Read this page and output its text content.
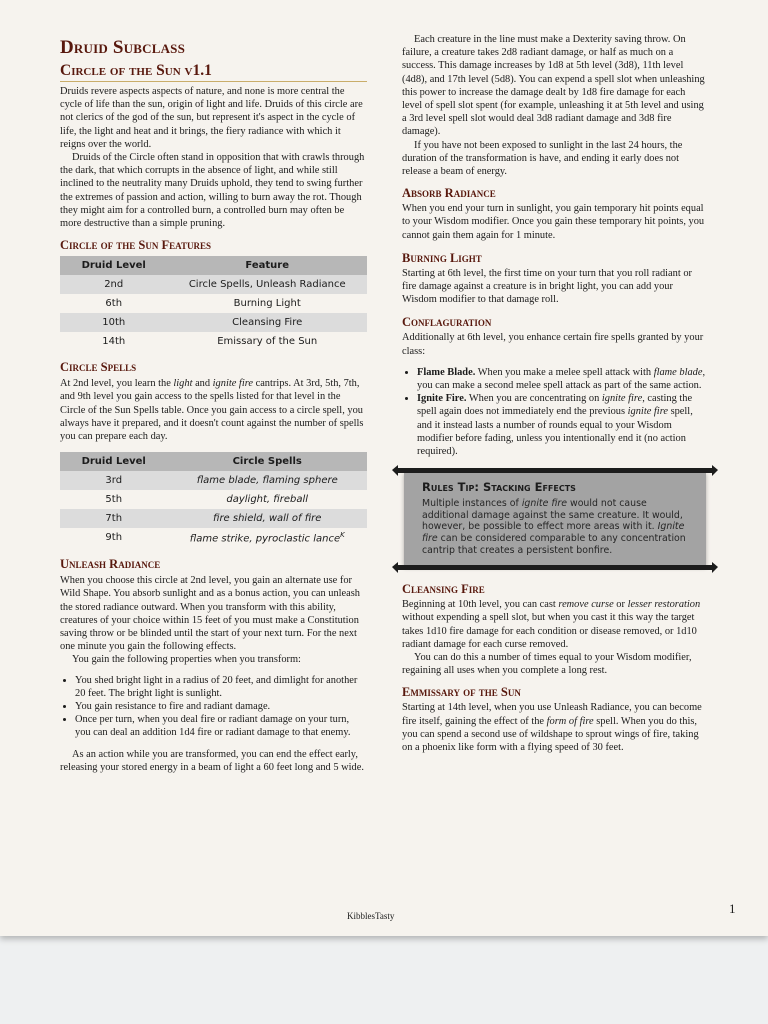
Druid Subclass
Circle of the Sun v1.1

Druids revere aspects aspects of nature, and none is more central the cycle of life than the sun, origin of light and life. Druids of this circle are not clerics of the god of the sun, but represent it's aspect in the cycle of life, the light and heat and it brings, the fiery radiance with which it reigns over the world.

Druids of the Circle often stand in opposition that with crawls through the dark, that which corrupts in the absence of light, and while still inclined to the neutrality many Druids uphold, they tend to swing further the extremes of passion and action, willing to burn away the rot. Though they might aim for a controlled burn, a controlled burn may often be more destructive than a simple pruning.

Circle of the Sun Features
Druid Level	Feature
2nd	Circle Spells, Unleash Radiance
6th	Burning Light
10th	Cleansing Fire
14th	Emissary of the Sun
Circle Spells

At 2nd level, you learn the light and ignite fire cantrips. At 3rd, 5th, 7th, and 9th level you gain access to the spells listed for that level in the Circle of the Sun Spells table. Once you gain access to a circle spell, you always have it prepared, and it doesn't count against the number of spells you can prepare each day.

Druid Level	Circle Spells
3rd	flame blade, flaming sphere
5th	daylight, fireball
7th	fire shield, wall of fire
9th	flame strike, pyroclastic lance$^K$
Unleash Radiance

When you choose this circle at 2nd level, you gain an alternate use for Wild Shape. You absorb sunlight and as a bonus action, you can unleash the stored radiance outward. When you transform with this ability, creatures of your choice within 15 feet of you must make a Constitution saving throw or be blinded until the start of your next turn. For the next one minute you gain the following effects.

You gain the following properties when you transform:

• You shed bright light in a radius of 20 feet, and dimlight for another 20 feet. The bright light is sunlight.
• You gain resistance to fire and radiant damage.
• Once per turn, when you deal fire or radiant damage on your turn, you can deal an addition 1d4 fire or radiant damage to that enemy.

As an action while you are transformed, you can end the effect early, releasing your stored energy in a beam of light a 60 feet long and 5 wide.

Each creature in the line must make a Dexterity saving throw. On failure, a creature takes 2d8 radiant damage, or half as much on a success. This damage increases by 1d8 at 5th level (3d8), 11th level (4d8), and 17th level (5d8). You can expend a spell slot when unleashing this power to increase the damage dealt by 1d8 fire damage for each level of spell slot spent (for example, unleashing it at 5th level and using a 3rd level spell slot would deal 3d8 radiant damage and 3d8 fire damage).

If you have not been exposed to sunlight in the last 24 hours, the duration of the transformation is have, and ending it early does not release a beam of energy.

Absorb Radiance

When you end your turn in sunlight, you gain temporary hit points equal to your Wisdom modifier. Once you gain these temporary hit points, you cannot gain them again for 1 minute.

Burning Light

Starting at 6th level, the first time on your turn that you roll radiant or fire damage against a creature is in bright light, you can add your Wisdom modifier to that damage roll.

Conflaguration

Additionally at 6th level, you enhance certain fire spells granted by your class:

• Flame Blade. When you make a melee spell attack with flame blade, you can make a second melee spell attack as part of the same action.
• Ignite Fire. When you are concentrating on ignite fire, casting the spell again does not immediately end the previous ignite fire spell, and it instead lasts a number of rounds equal to your Wisdom modifier before fading, unless you intentionally end it (no action required).
Rules Tip: Stacking Effects

Multiple instances of ignite fire would not cause additional damage against the same creature. It would, however, be possible to effect more areas with it. Ignite fire can be considered comparable to any concentration cantrip that creates a persistent bonfire.

Cleansing Fire

Beginning at 10th level, you can cast remove curse or lesser restoration without expending a spell slot, but when you cast it this way the target takes 1d10 fire damage for each condition or disease removed, or 1d10 radiant damage for each curse removed.

You can do this a number of times equal to your Wisdom modifier, regaining all uses when you complete a long rest.

Emmissary of the Sun

Starting at 14th level, when you use Unleash Radiance, you can become fire itself, gaining the effect of the form of fire spell. When you do this, you can spend a second use of wildshape to sprout wings of fire, taking on a phoenix like form with a flying speed of 30 feet.

KibblesTasty	1
